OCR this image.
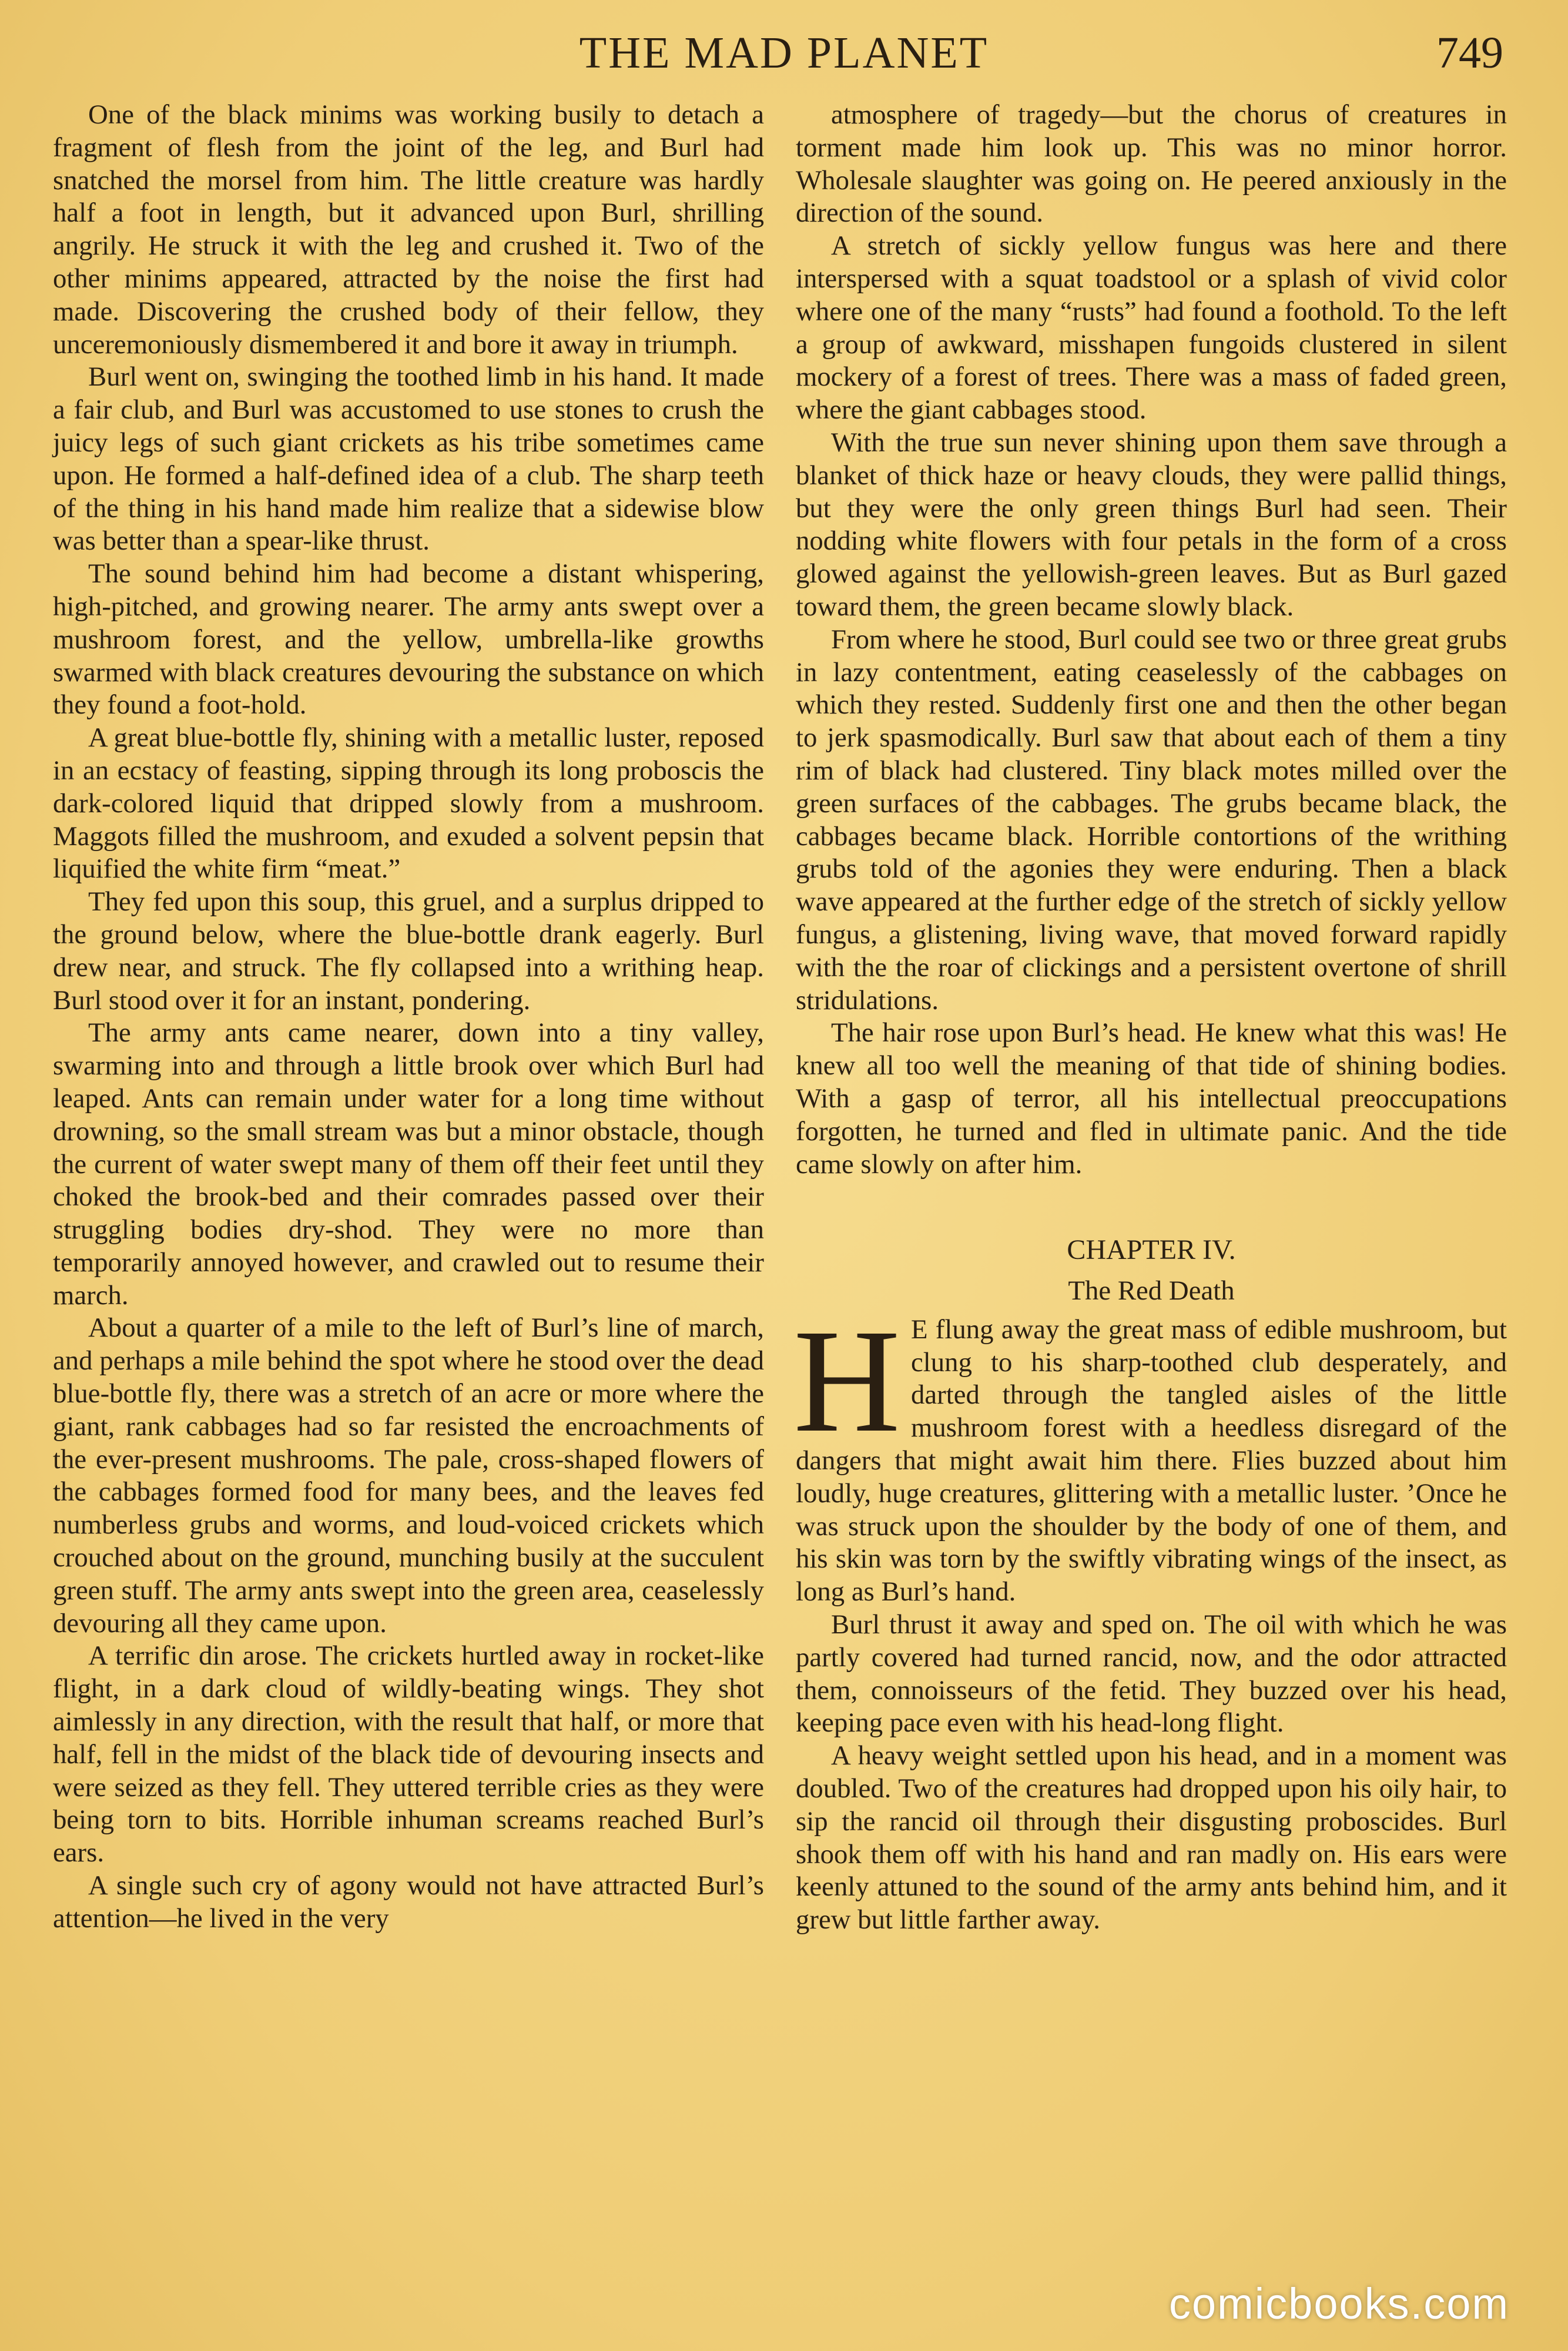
THE MAD PLANET	749

One of the black minims was working busily to detach a fragment of flesh from the joint of the leg, and Burl had snatched the morsel from him. The little creature was hardly half a foot in length, but it advanced upon Burl, shrilling angrily. He struck it with the leg and crushed it. Two of the other minims appeared, attracted by the noise the first had made. Discovering the crushed body of their fellow, they unceremoniously dismembered it and bore it away in triumph.

Burl went on, swinging the toothed limb in his hand. It made a fair club, and Burl was accustomed to use stones to crush the juicy legs of such giant crickets as his tribe sometimes came upon. He formed a half-defined idea of a club. The sharp teeth of the thing in his hand made him realize that a sidewise blow was better than a spear-like thrust.

The sound behind him had become a distant whispering, high-pitched, and growing nearer. The army ants swept over a mushroom forest, and the yellow, umbrella-like growths swarmed with black creatures devouring the substance on which they found a foot-hold.

A great blue-bottle fly, shining with a metallic luster, reposed in an ecstacy of feasting, sipping through its long proboscis the dark-colored liquid that dripped slowly from a mushroom. Maggots filled the mushroom, and exuded a solvent pepsin that liquified the white firm “meat.”

They fed upon this soup, this gruel, and a surplus dripped to the ground below, where the blue-bottle drank eagerly. Burl drew near, and struck. The fly collapsed into a writhing heap. Burl stood over it for an instant, pondering.

The army ants came nearer, down into a tiny valley, swarming into and through a little brook over which Burl had leaped. Ants can remain under water for a long time without drowning, so the small stream was but a minor obstacle, though the current of water swept many of them off their feet until they choked the brook-bed and their comrades passed over their struggling bodies dry-shod. They were no more than temporarily annoyed however, and crawled out to resume their march.

About a quarter of a mile to the left of Burl’s line of march, and perhaps a mile behind the spot where he stood over the dead blue-bottle fly, there was a stretch of an acre or more where the giant, rank cabbages had so far resisted the encroachments of the ever-present mushrooms. The pale, cross-shaped flowers of the cabbages formed food for many bees, and the leaves fed numberless grubs and worms, and loud-voiced crickets which crouched about on the ground, munching busily at the succulent green stuff. The army ants swept into the green area, ceaselessly devouring all they came upon.

A terrific din arose. The crickets hurtled away in rocket-like flight, in a dark cloud of wildly-beating wings. They shot aimlessly in any direction, with the result that half, or more that half, fell in the midst of the black tide of devouring insects and were seized as they fell. They uttered terrible cries as they were being torn to bits. Horrible inhuman screams reached Burl’s ears.

A single such cry of agony would not have attracted Burl’s attention—he lived in the very

atmosphere of tragedy—but the chorus of creatures in torment made him look up. This was no minor horror. Wholesale slaughter was going on. He peered anxiously in the direction of the sound.

A stretch of sickly yellow fungus was here and there interspersed with a squat toadstool or a splash of vivid color where one of the many “rusts” had found a foothold. To the left a group of awkward, misshapen fungoids clustered in silent mockery of a forest of trees. There was a mass of faded green, where the giant cabbages stood.

With the true sun never shining upon them save through a blanket of thick haze or heavy clouds, they were pallid things, but they were the only green things Burl had seen. Their nodding white flowers with four petals in the form of a cross glowed against the yellowish-green leaves. But as Burl gazed toward them, the green became slowly black.

From where he stood, Burl could see two or three great grubs in lazy contentment, eating ceaselessly of the cabbages on which they rested. Suddenly first one and then the other began to jerk spasmodically. Burl saw that about each of them a tiny rim of black had clustered. Tiny black motes milled over the green surfaces of the cabbages. The grubs became black, the cabbages became black. Horrible contortions of the writhing grubs told of the agonies they were enduring. Then a black wave appeared at the further edge of the stretch of sickly yellow fungus, a glistening, living wave, that moved forward rapidly with the the roar of clickings and a persistent overtone of shrill stridulations.

The hair rose upon Burl’s head. He knew what this was! He knew all too well the meaning of that tide of shining bodies. With a gasp of terror, all his intellectual preoccupations forgotten, he turned and fled in ultimate panic. And the tide came slowly on after him.

CHAPTER IV.
The Red Death

H E flung away the great mass of edible mushroom, but clung to his sharp-toothed club desperately, and darted through the tangled aisles of the little mushroom forest with a heedless disregard of the dangers that might await him there. Flies buzzed about him loudly, huge creatures, glittering with a metallic luster. ’Once he was struck upon the shoulder by the body of one of them, and his skin was torn by the swiftly vibrating wings of the insect, as long as Burl’s hand.

Burl thrust it away and sped on. The oil with which he was partly covered had turned rancid, now, and the odor attracted them, connoisseurs of the fetid. They buzzed over his head, keeping pace even with his head-long flight.

A heavy weight settled upon his head, and in a moment was doubled. Two of the creatures had dropped upon his oily hair, to sip the rancid oil through their disgusting proboscides. Burl shook them off with his hand and ran madly on. His ears were keenly attuned to the sound of the army ants behind him, and it grew but little farther away.

comicbooks.com
